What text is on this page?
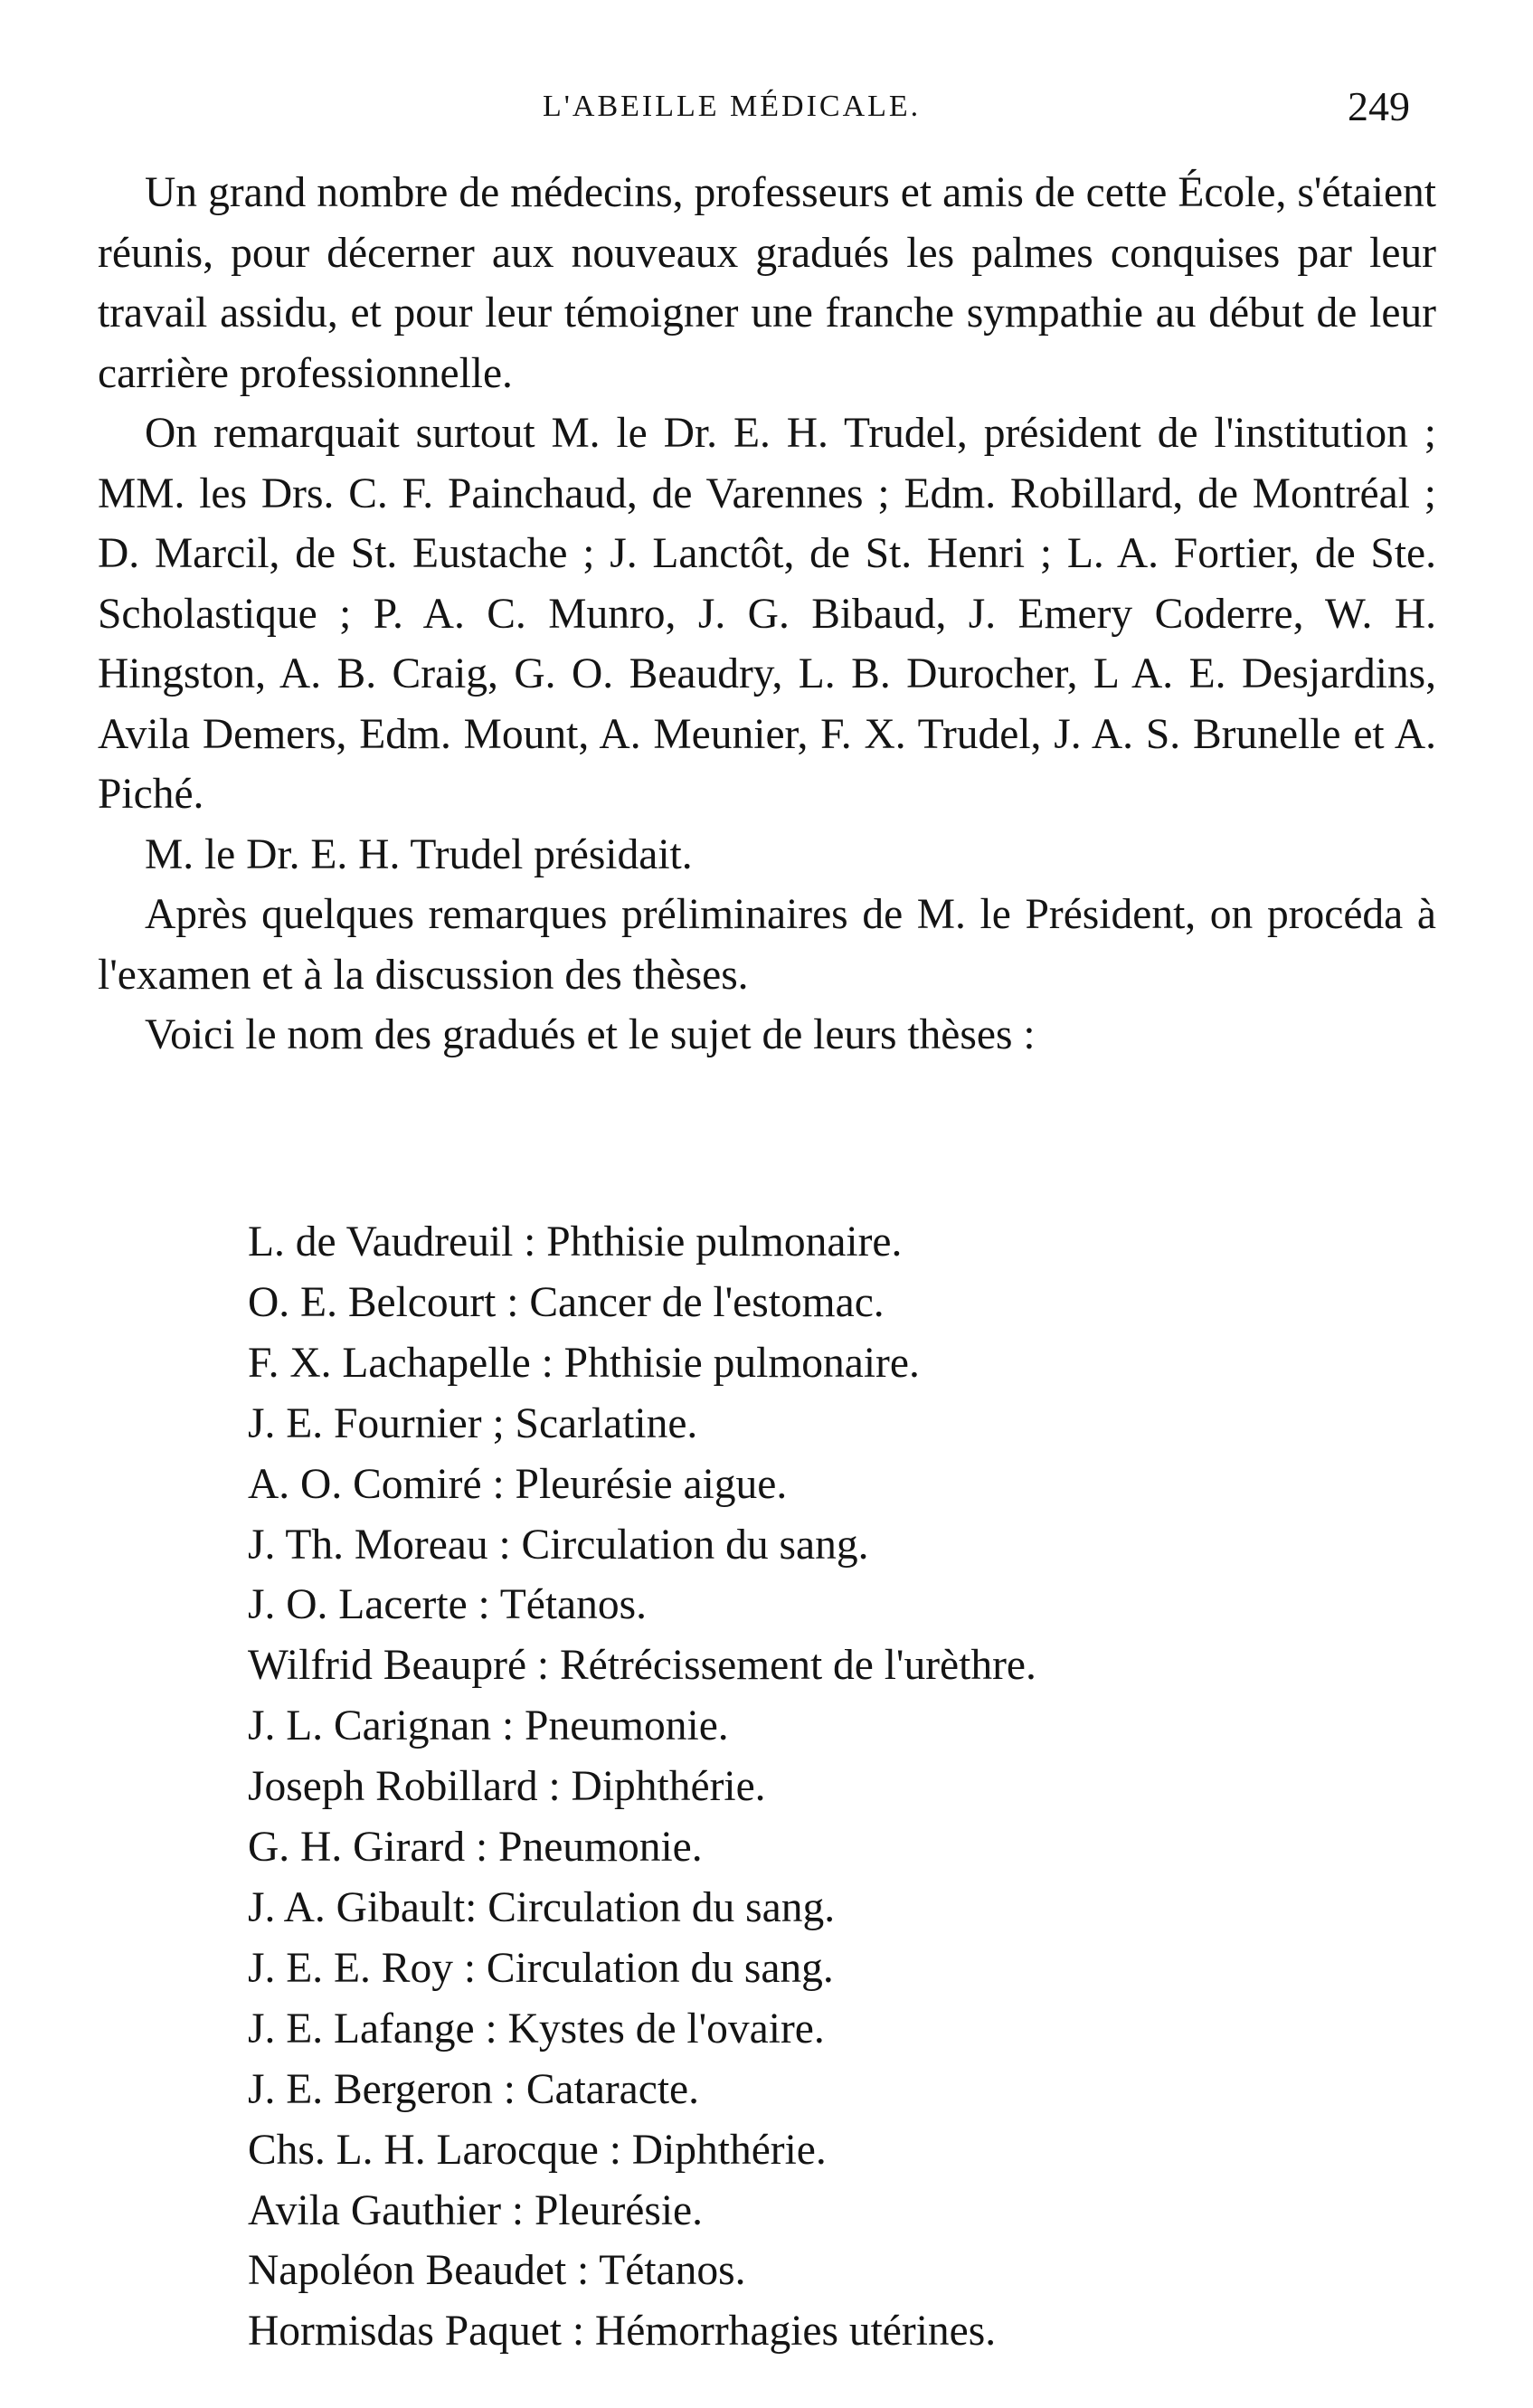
L'ABEILLE MÉDICALE.	249

Un grand nombre de médecins, professeurs et amis de cette École, s'étaient réunis, pour décerner aux nouveaux gradués les palmes conquises par leur travail assidu, et pour leur témoigner une franche sympathie au début de leur carrière professionnelle.

On remarquait surtout M. le Dr. E. H. Trudel, président de l'institution ; MM. les Drs. C. F. Painchaud, de Varennes ; Edm. Robillard, de Montréal ; D. Marcil, de St. Eustache ; J. Lanctôt, de St. Henri ; L. A. Fortier, de Ste. Scholastique ; P. A. C. Munro, J. G. Bibaud, J. Emery Coderre, W. H. Hingston, A. B. Craig, G. O. Beaudry, L. B. Durocher, L A. E. Desjardins, Avila Demers, Edm. Mount, A. Meunier, F. X. Trudel, J. A. S. Brunelle et A. Piché.

M. le Dr. E. H. Trudel présidait.

Après quelques remarques préliminaires de M. le Président, on procéda à l'examen et à la discussion des thèses.

Voici le nom des gradués et le sujet de leurs thèses :

L. de Vaudreuil : Phthisie pulmonaire.
O. E. Belcourt : Cancer de l'estomac.
F. X. Lachapelle : Phthisie pulmonaire.
J. E. Fournier ; Scarlatine.
A. O. Comiré : Pleurésie aigue.
J. Th. Moreau : Circulation du sang.
J. O. Lacerte : Tétanos.
Wilfrid Beaupré : Rétrécissement de l'urèthre.
J. L. Carignan : Pneumonie.
Joseph Robillard : Diphthérie.
G. H. Girard : Pneumonie.
J. A. Gibault: Circulation du sang.
J. E. E. Roy : Circulation du sang.
J. E. Lafange : Kystes de l'ovaire.
J. E. Bergeron : Cataracte.
Chs. L. H. Larocque : Diphthérie.
Avila Gauthier : Pleurésie.
Napoléon Beaudet : Tétanos.
Hormisdas Paquet : Hémorrhagies utérines.
